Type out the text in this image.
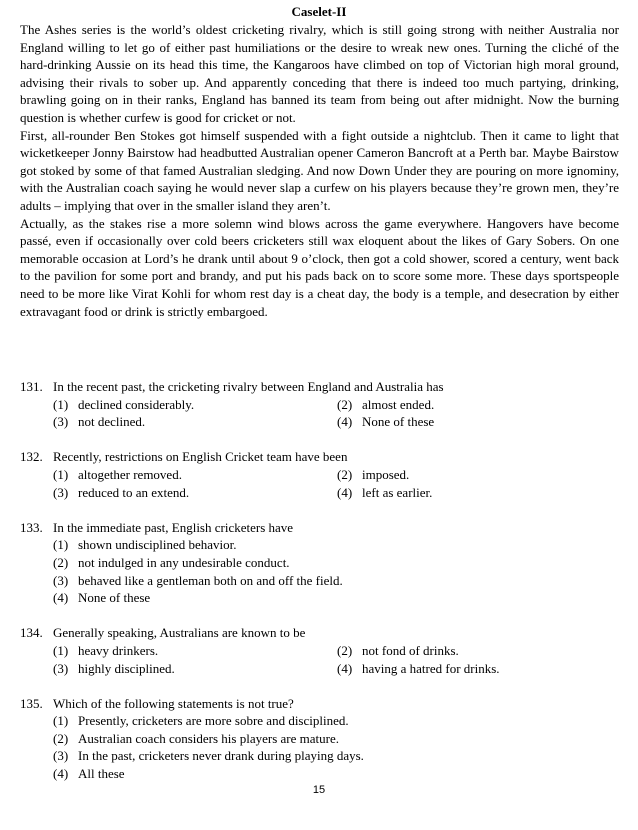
Caselet-II

The Ashes series is the world’s oldest cricketing rivalry, which is still going strong with neither Australia nor England willing to let go of either past humiliations or the desire to wreak new ones. Turning the cliché of the hard-drinking Aussie on its head this time, the Kangaroos have climbed on top of Victorian high moral ground, advising their rivals to sober up. And apparently conceding that there is indeed too much partying, drinking, brawling going on in their ranks, England has banned its team from being out after midnight. Now the burning question is whether curfew is good for cricket or not.

First, all-rounder Ben Stokes got himself suspended with a fight outside a nightclub. Then it came to light that wicketkeeper Jonny Bairstow had headbutted Australian opener Cameron Bancroft at a Perth bar. Maybe Bairstow got stoked by some of that famed Australian sledging. And now Down Under they are pouring on more ignominy, with the Australian coach saying he would never slap a curfew on his players because they’re grown men, they’re adults – implying that over in the smaller island they aren’t.

Actually, as the stakes rise a more solemn wind blows across the game everywhere. Hangovers have become passé, even if occasionally over cold beers cricketers still wax eloquent about the likes of Gary Sobers. On one memorable occasion at Lord’s he drank until about 9 o’clock, then got a cold shower, scored a century, went back to the pavilion for some port and brandy, and put his pads back on to score some more. These days sportspeople need to be more like Virat Kohli for whom rest day is a cheat day, the body is a temple, and desecration by either extravagant food or drink is strictly embargoed.

131. In the recent past, the cricketing rivalry between England and Australia has
(1) declined considerably.	(2) almost ended.
(3) not declined.	(4) None of these
132. Recently, restrictions on English Cricket team have been
(1) altogether removed.	(2) imposed.
(3) reduced to an extend.	(4) left as earlier.
133. In the immediate past, English cricketers have
(1) shown undisciplined behavior.
(2) not indulged in any undesirable conduct.
(3) behaved like a gentleman both on and off the field.
(4) None of these
134. Generally speaking, Australians are known to be
(1) heavy drinkers.	(2) not fond of drinks.
(3) highly disciplined.	(4) having a hatred for drinks.
135. Which of the following statements is not true?
(1) Presently, cricketers are more sobre and disciplined.
(2) Australian coach considers his players are mature.
(3) In the past, cricketers never drank during playing days.
(4) All these
15
